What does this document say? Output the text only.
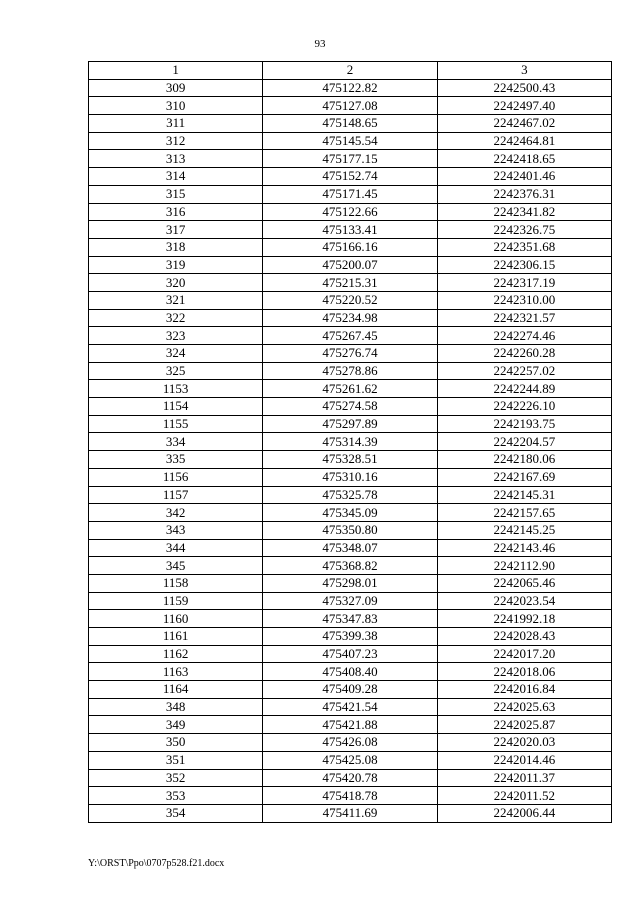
93
1	2	3
309	475122.82	2242500.43
310	475127.08	2242497.40
311	475148.65	2242467.02
312	475145.54	2242464.81
313	475177.15	2242418.65
314	475152.74	2242401.46
315	475171.45	2242376.31
316	475122.66	2242341.82
317	475133.41	2242326.75
318	475166.16	2242351.68
319	475200.07	2242306.15
320	475215.31	2242317.19
321	475220.52	2242310.00
322	475234.98	2242321.57
323	475267.45	2242274.46
324	475276.74	2242260.28
325	475278.86	2242257.02
1153	475261.62	2242244.89
1154	475274.58	2242226.10
1155	475297.89	2242193.75
334	475314.39	2242204.57
335	475328.51	2242180.06
1156	475310.16	2242167.69
1157	475325.78	2242145.31
342	475345.09	2242157.65
343	475350.80	2242145.25
344	475348.07	2242143.46
345	475368.82	2242112.90
1158	475298.01	2242065.46
1159	475327.09	2242023.54
1160	475347.83	2241992.18
1161	475399.38	2242028.43
1162	475407.23	2242017.20
1163	475408.40	2242018.06
1164	475409.28	2242016.84
348	475421.54	2242025.63
349	475421.88	2242025.87
350	475426.08	2242020.03
351	475425.08	2242014.46
352	475420.78	2242011.37
353	475418.78	2242011.52
354	475411.69	2242006.44
Y:\ORST\Ppo\0707p528.f21.docx
